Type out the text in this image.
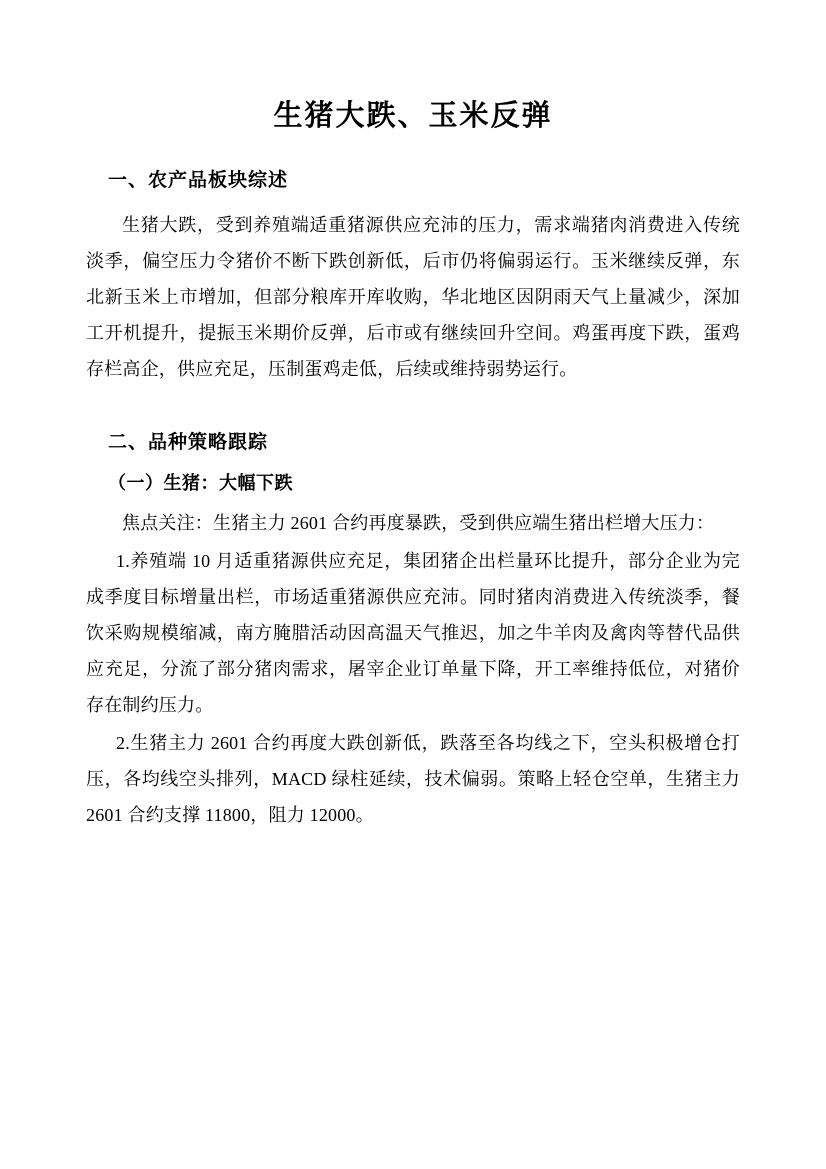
生猪大跌、玉米反弹
一、农产品板块综述

生猪大跌，受到养殖端适重猪源供应充沛的压力，需求端猪肉消费进入传统淡季，偏空压力令猪价不断下跌创新低，后市仍将偏弱运行。玉米继续反弹，东北新玉米上市增加，但部分粮库开库收购，华北地区因阴雨天气上量减少，深加工开机提升，提振玉米期价反弹，后市或有继续回升空间。鸡蛋再度下跌，蛋鸡存栏高企，供应充足，压制蛋鸡走低，后续或维持弱势运行。

二、品种策略跟踪
（一）生猪：大幅下跌

焦点关注：生猪主力 2601 合约再度暴跌，受到供应端生猪出栏增大压力：

1.养殖端 10 月适重猪源供应充足，集团猪企出栏量环比提升，部分企业为完成季度目标增量出栏，市场适重猪源供应充沛。同时猪肉消费进入传统淡季，餐饮采购规模缩减，南方腌腊活动因高温天气推迟，加之牛羊肉及禽肉等替代品供应充足，分流了部分猪肉需求，屠宰企业订单量下降，开工率维持低位，对猪价存在制约压力。

2.生猪主力 2601 合约再度大跌创新低，跌落至各均线之下，空头积极增仓打压，各均线空头排列，MACD 绿柱延续，技术偏弱。策略上轻仓空单，生猪主力 2601 合约支撑 11800，阻力 12000。
